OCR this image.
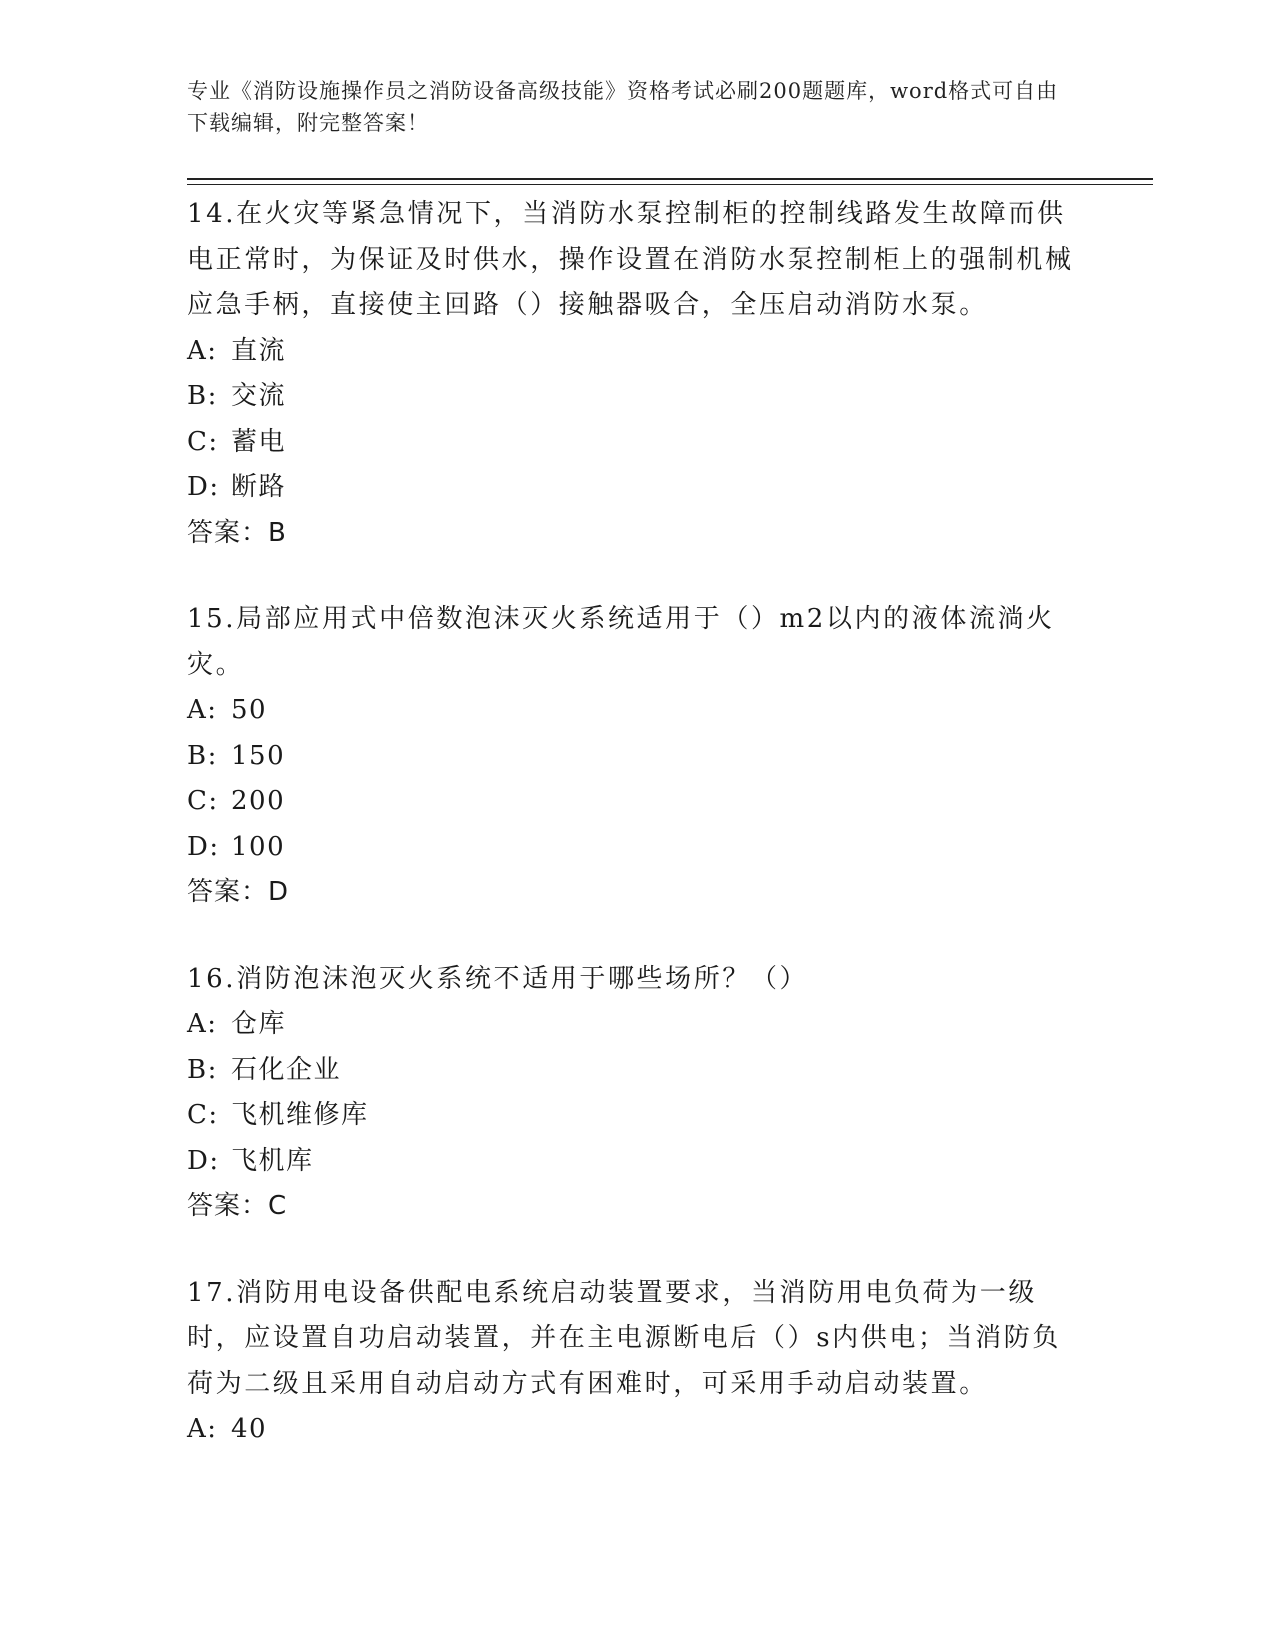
专业《消防设施操作员之消防设备高级技能》资格考试必刷200题题库，word格式可自由下载编辑，附完整答案！

14.在火灾等紧急情况下，当消防水泵控制柜的控制线路发生故障而供电正常时，为保证及时供水，操作设置在消防水泵控制柜上的强制机械应急手柄，直接使主回路（）接触器吸合，全压启动消防水泵。

A: 直流

B: 交流

C: 蓄电

D: 断路

答案：B

15.局部应用式中倍数泡沫灭火系统适用于（）m2以内的液体流淌火灾。

A: 50

B: 150

C: 200

D: 100

答案：D

16.消防泡沫泡灭火系统不适用于哪些场所？（）

A: 仓库

B: 石化企业

C: 飞机维修库

D: 飞机库

答案：C

17.消防用电设备供配电系统启动装置要求，当消防用电负荷为一级时，应设置自功启动装置，并在主电源断电后（）s内供电；当消防负荷为二级且采用自动启动方式有困难时，可采用手动启动装置。

A: 40
